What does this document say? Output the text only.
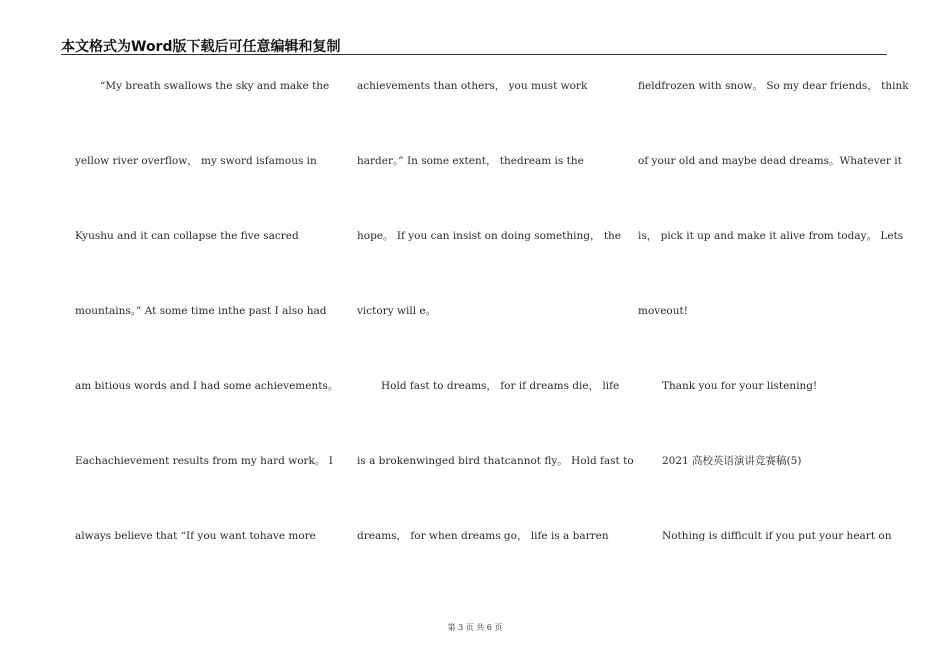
本文格式为Word版下载后可任意编辑和复制
“My breath swallows the sky and make the
yellow river overflow， my sword isfamous in
Kyushu and it can collapse the five sacred
mountains。” At some time inthe past I also had
am bitious words and I had some achievements。
Eachachievement results from my hard work。 I
always believe that “If you want tohave more
achievements than others， you must work
harder。” In some extent， thedream is the
hope。 If you can insist on doing something， the
victory will e。
Hold fast to dreams， for if dreams die， life
is a brokenwinged bird thatcannot fly。 Hold fast to
dreams， for when dreams go， life is a barren
fieldfrozen with snow。 So my dear friends， think
of your old and maybe dead dreams。Whatever it
is， pick it up and make it alive from today。 Lets
moveout!
Thank you for your listening!
2021 高校英语演讲竞赛稿(5)
Nothing is difficult if you put your heart on
第 3 页 共 6 页
